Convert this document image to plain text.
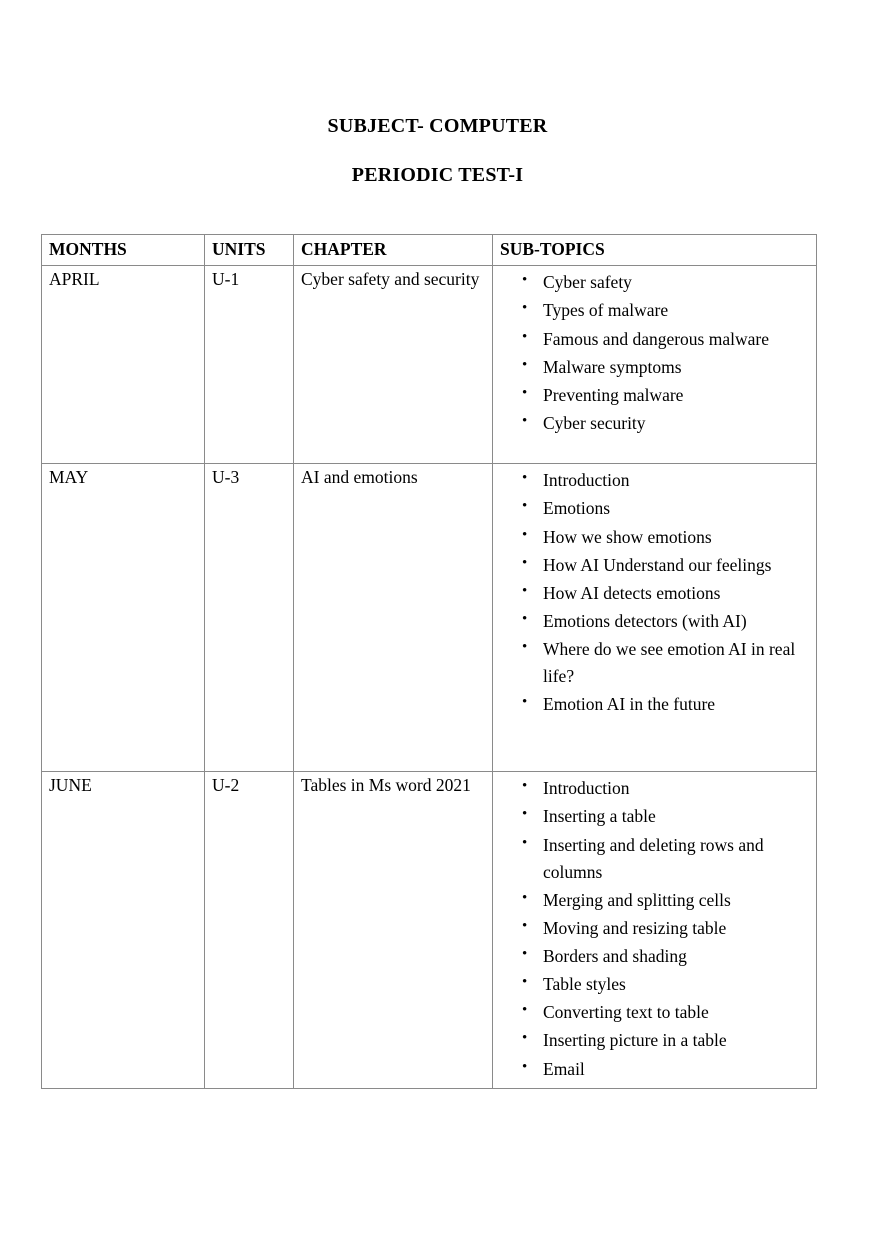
SUBJECT- COMPUTER
PERIODIC TEST-I
MONTHS	UNITS	CHAPTER	SUB-TOPICS

APRIL	U-1	Cyber safety and security

•Cyber safety
• Types of malware
• Famous and dangerous malware
• Malware symptoms
• Preventing malware
• Cyber security

MAY	U-3	AI and emotions

•Introduction
• Emotions
• How we show emotions
• How AI Understand our feelings
• How AI detects emotions
• Emotions detectors (with AI)
• Where do we see emotion AI in real life?
• Emotion AI in the future

JUNE	U-2	Tables in Ms word 2021

•Introduction
• Inserting a table
• Inserting and deleting rows and columns
• Merging and splitting cells
• Moving and resizing table
• Borders and shading
• Table styles
• Converting text to table
• Inserting picture in a table
• Email
